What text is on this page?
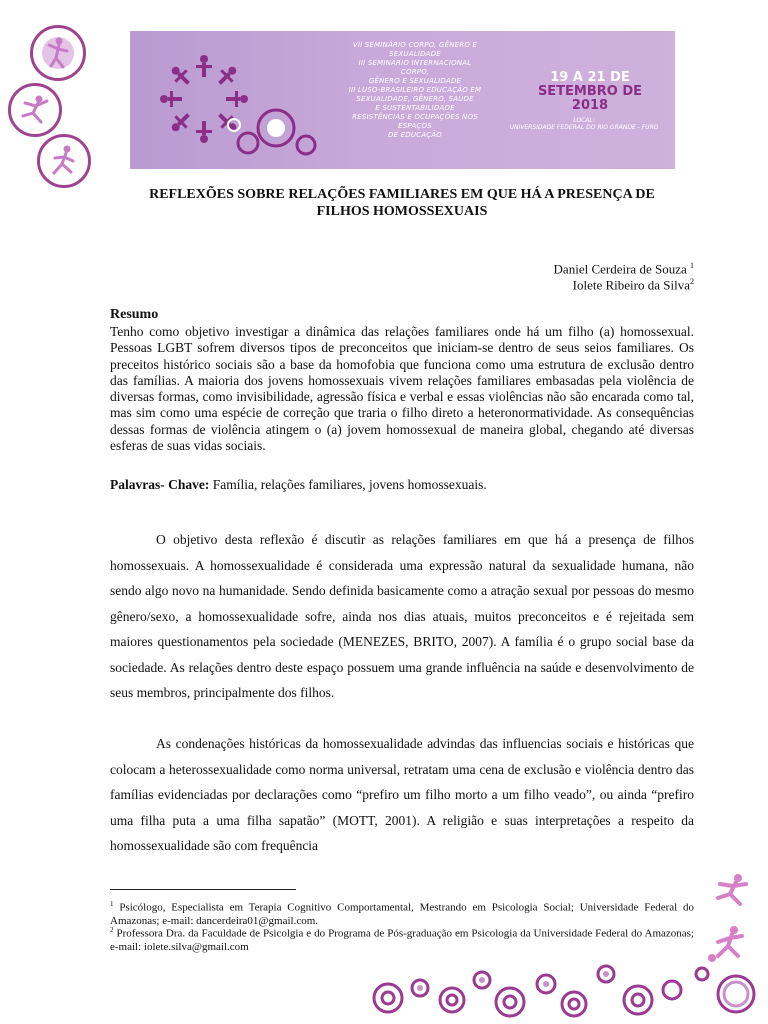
VII SEMINÁRIO CORPO, GÊNERO E SEXUALIDADE
III SEMINÁRIO INTERNACIONAL CORPO,
GÊNERO E SEXUALIDADE
III LUSO-BRASILEIRO EDUCAÇÃO EM
SEXUALIDADE, GÊNERO, SAÚDE
E SUSTENTABILIDADE
RESISTÊNCIAS E OCUPAÇÕES NOS ESPAÇOS
DE EDUCAÇÃO
19 A 21 DE
SETEMBRO DE 2018
LOCAL:
UNIVERSIDADE FEDERAL DO RIO GRANDE - FURG
REFLEXÕES SOBRE RELAÇÕES FAMILIARES EM QUE HÁ A PRESENÇA DE
FILHOS HOMOSSEXUAIS
Daniel Cerdeira de Souza $^1$
Iolete Ribeiro da Silva$^2$
Resumo
Tenho como objetivo investigar a dinâmica das relações familiares onde há um filho (a) homossexual. Pessoas LGBT sofrem diversos tipos de preconceitos que iniciam-se dentro de seus seios familiares. Os preceitos histórico sociais são a base da homofobia que funciona como uma estrutura de exclusão dentro das famílias. A maioria dos jovens homossexuais vivem relações familiares embasadas pela violência de diversas formas, como invisibilidade, agressão física e verbal e essas violências não são encarada como tal, mas sim como uma espécie de correção que traria o filho direto a heteronormatividade. As consequências dessas formas de violência atingem o (a) jovem homossexual de maneira global, chegando até diversas esferas de suas vidas sociais.
Palavras- Chave: Família, relações familiares, jovens homossexuais.
O objetivo desta reflexão é discutir as relações familiares em que há a presença de filhos homossexuais. A homossexualidade é considerada uma expressão natural da sexualidade humana, não sendo algo novo na humanidade. Sendo definida basicamente como a atração sexual por pessoas do mesmo gênero/sexo, a homossexualidade sofre, ainda nos dias atuais, muitos preconceitos e é rejeitada sem maiores questionamentos pela sociedade (MENEZES, BRITO, 2007). A família é o grupo social base da sociedade. As relações dentro deste espaço possuem uma grande influência na saúde e desenvolvimento de seus membros, principalmente dos filhos.
As condenações históricas da homossexualidade advindas das influencias sociais e históricas que colocam a heterossexualidade como norma universal, retratam uma cena de exclusão e violência dentro das famílias evidenciadas por declarações como “prefiro um filho morto a um filho veado”, ou ainda “prefiro uma filha puta a uma filha sapatão” (MOTT, 2001). A religião e suas interpretações a respeito da homossexualidade são com frequência
$^1$ Psicólogo, Especialista em Terapia Cognitivo Comportamental, Mestrando em Psicologia Social; Universidade Federal do Amazonas; e-mail: dancerdeira01@gmail.com.
$^2$ Professora Dra. da Faculdade de Psicolgia e do Programa de Pós-graduação em Psicologia da Universidade Federal do Amazonas; e-mail: iolete.silva@gmail.com
